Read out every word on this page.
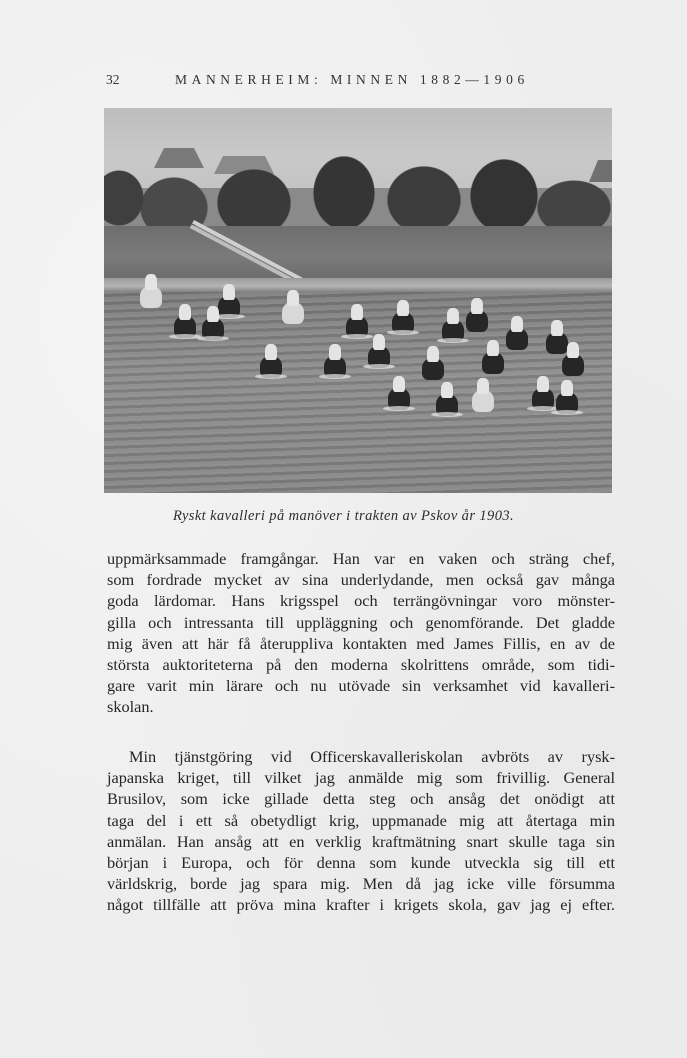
32	MANNERHEIM: MINNEN 1882—1906
Ryskt kavalleri på manöver i trakten av Pskov år 1903.
uppmärksammade framgångar. Han var en vaken och sträng chef,
som fordrade mycket av sina underlydande, men också gav många
goda lärdomar. Hans krigsspel och terrängövningar voro mönster-
gilla och intressanta till uppläggning och genomförande. Det gladde
mig även att här få återuppliva kontakten med James Fillis, en av de
största auktoriteterna på den moderna skolrittens område, som tidi-
gare varit min lärare och nu utövade sin verksamhet vid kavalleri-
skolan.
Min tjänstgöring vid Officerskavalleriskolan avbröts av rysk-
japanska kriget, till vilket jag anmälde mig som frivillig. General
Brusilov, som icke gillade detta steg och ansåg det onödigt att
taga del i ett så obetydligt krig, uppmanade mig att återtaga min
anmälan. Han ansåg att en verklig kraftmätning snart skulle taga sin
början i Europa, och för denna som kunde utveckla sig till ett
världskrig, borde jag spara mig. Men då jag icke ville försumma
något tillfälle att pröva mina krafter i krigets skola, gav jag ej efter.
